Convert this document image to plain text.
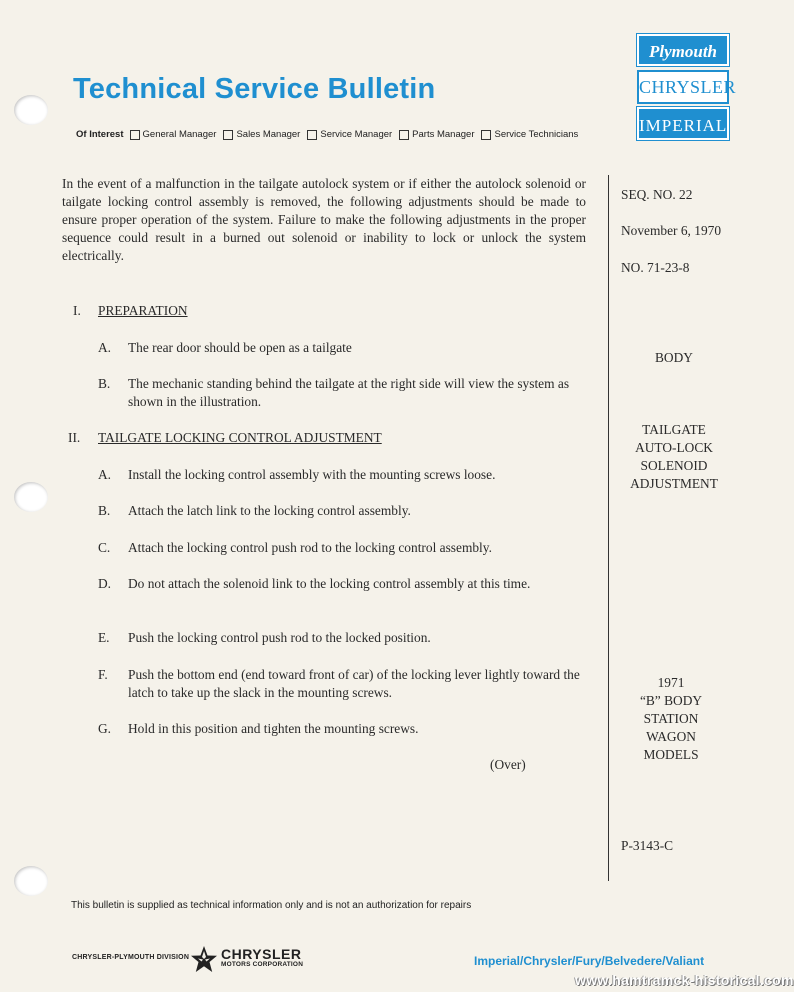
Technical Service Bulletin
Of Interest General Manager Sales Manager Service Manager Parts Manager Service Technicians
Plymouth
CHRYSLER
IMPERIAL

In the event of a malfunction in the tailgate autolock system or if either the autolock solenoid or tailgate locking control assembly is removed, the following adjustments should be made to ensure proper operation of the system. Failure to make the following adjustments in the proper sequence could result in a burned out solenoid or inability to lock or unlock the system electrically.

I. PREPARATION
A.	The rear door should be open as a tailgate
B.	The mechanic standing behind the tailgate at the right side will view the system as shown in the illustration.
II. TAILGATE LOCKING CONTROL ADJUSTMENT
A.	Install the locking control assembly with the mounting screws loose.
B.	Attach the latch link to the locking control assembly.
C.	Attach the locking control push rod to the locking control assembly.
D.	Do not attach the solenoid link to the locking control assembly at this time.
E.	Push the locking control push rod to the locked position.
F.	Push the bottom end (end toward front of car) of the locking lever lightly toward the latch to take up the slack in the mounting screws.
G.	Hold in this position and tighten the mounting screws.
(Over)
SEQ. NO. 22
November 6, 1970
NO. 71-23-8
BODY
TAILGATE
AUTO-LOCK
SOLENOID
ADJUSTMENT
1971
“B” BODY
STATION
WAGON
MODELS
P-3143-C
This bulletin is supplied as technical information only and is not an authorization for repairs
CHRYSLER-PLYMOUTH DIVISION CHRYSLER
MOTORS CORPORATION	Imperial/Chrysler/Fury/Belvedere/Valiant
www.hamtramck-historical.com
